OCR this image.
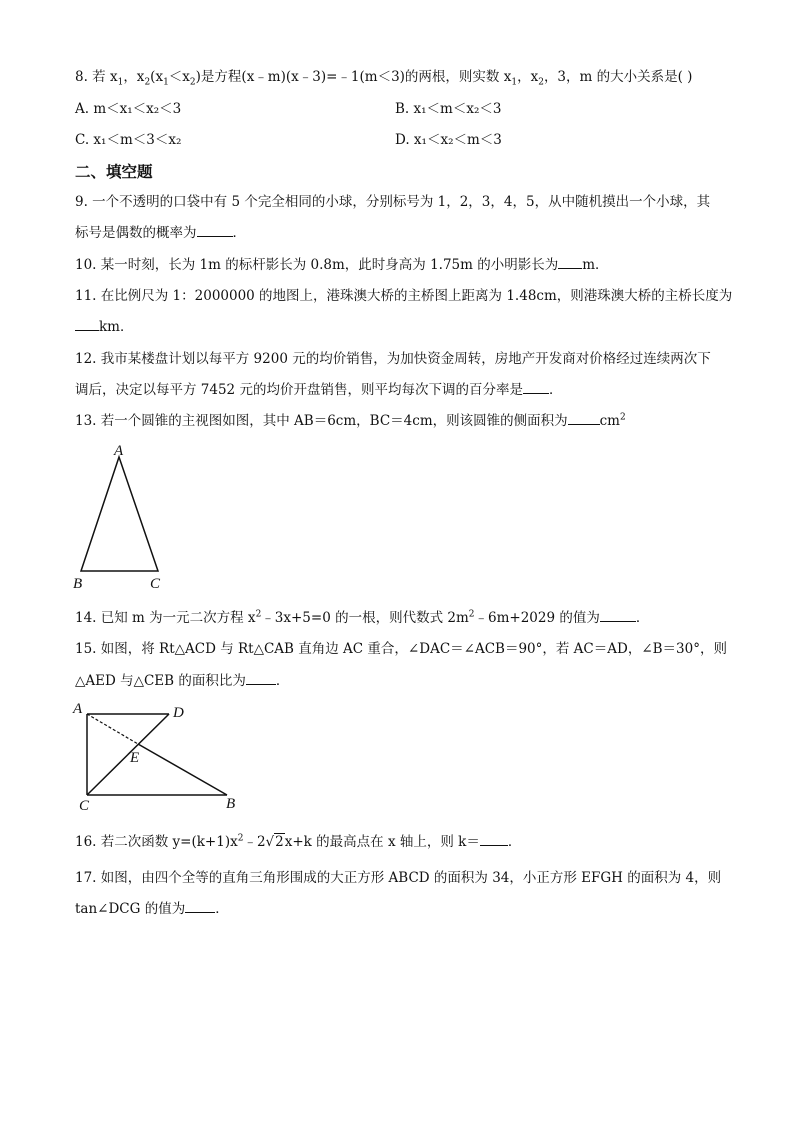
8. 若 $x_1$，$x_2(x_1<x_2)$是方程(x﹣m)(x﹣3)=﹣1(m＜3)的两根，则实数 $x_1$，$x_2$，3，m 的大小关系是( )
A. m＜x₁＜x₂＜3	B. x₁＜m＜x₂＜3
C. x₁＜m＜3＜x₂	D. x₁＜x₂＜m＜3
二、填空题
9. 一个不透明的口袋中有 5 个完全相同的小球，分别标号为 1，2，3，4，5，从中随机摸出一个小球，其
标号是偶数的概率为	．
10. 某一时刻，长为 1m 的标杆影长为 0.8m，此时身高为 1.75m 的小明影长为 m．
11. 在比例尺为 1：2000000 的地图上，港珠澳大桥的主桥图上距离为 1.48cm，则港珠澳大桥的主桥长度为
km．
12. 我市某楼盘计划以每平方 9200 元的均价销售，为加快资金周转，房地产开发商对价格经过连续两次下
调后，决定以每平方 7452 元的均价开盘销售，则平均每次下调的百分率是 ．
13. 若一个圆锥的主视图如图，其中 AB＝6cm，BC＝4cm，则该圆锥的侧面积为 $cm^2$
A
B	C
14. 已知 m 为一元二次方程 $x^2﹣3x+5=0$ 的一根，则代数式 $2m^2﹣6m+2029$ 的值为	．
15. 如图，将 Rt△ACD 与 Rt△CAB 直角边 AC 重合，∠DAC＝∠ACB＝90°，若 AC＝AD，∠B＝30°，则
△AED 与△CEB 的面积比为 ．
A	D
E
C	B
16. 若二次函数 $y=(k+1)x^2﹣2√2x+k$ 的最高点在 x 轴上，则 k＝ ．
17. 如图，由四个全等的直角三角形围成的大正方形 ABCD 的面积为 34，小正方形 EFGH 的面积为 4，则
tan∠DCG 的值为 ．
